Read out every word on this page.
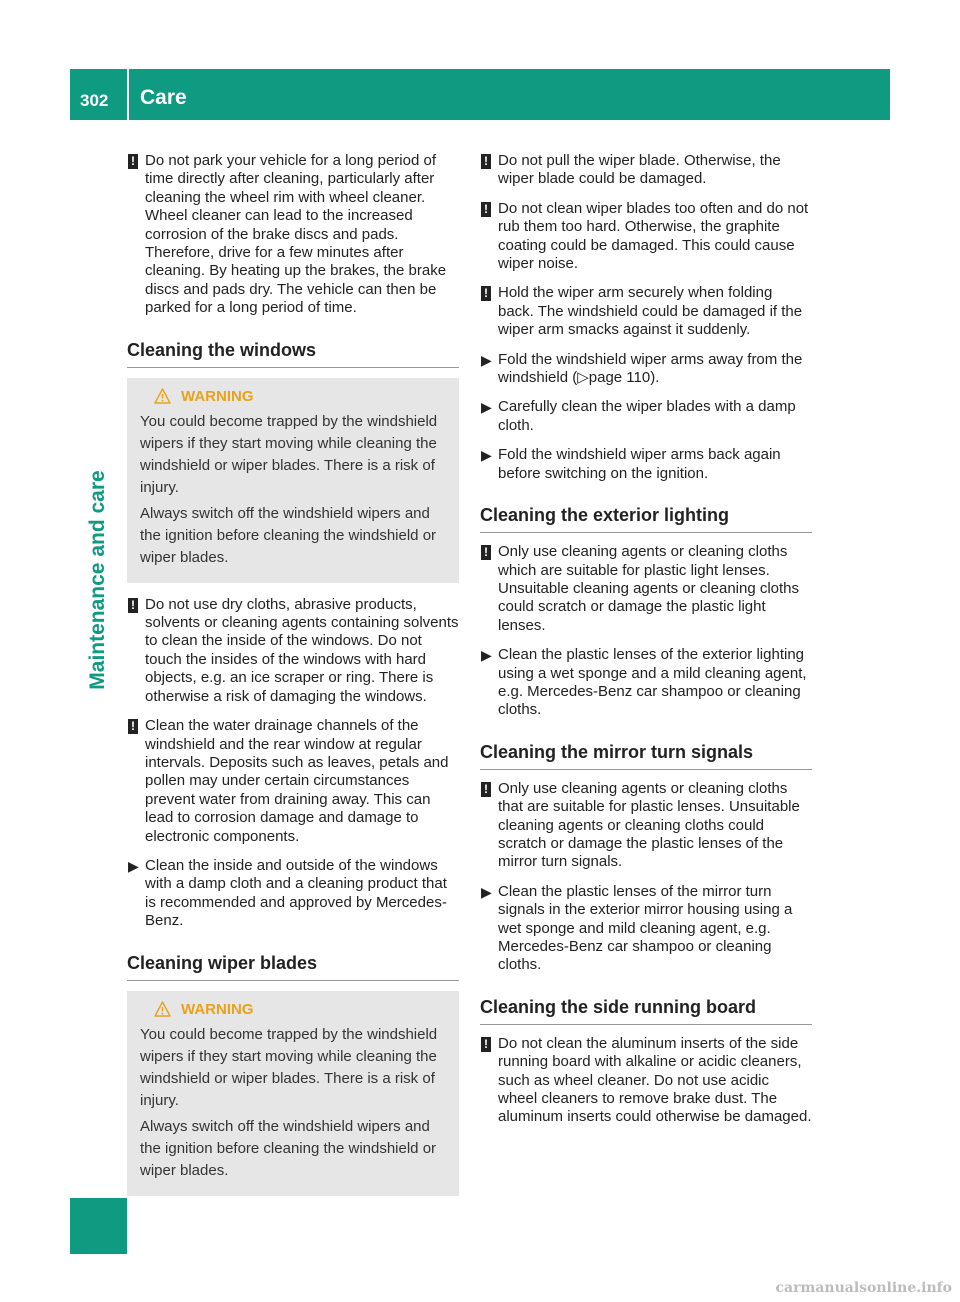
302	Care
Maintenance and care
! Do not park your vehicle for a long period of time directly after cleaning, particularly after cleaning the wheel rim with wheel cleaner. Wheel cleaner can lead to the increased corrosion of the brake discs and pads. Therefore, drive for a few minutes after cleaning. By heating up the brakes, the brake discs and pads dry. The vehicle can then be parked for a long period of time.
Cleaning the windows
WARNING
You could become trapped by the windshield wipers if they start moving while cleaning the windshield or wiper blades. There is a risk of injury.
Always switch off the windshield wipers and the ignition before cleaning the windshield or wiper blades.
! Do not use dry cloths, abrasive products, solvents or cleaning agents containing solvents to clean the inside of the windows. Do not touch the insides of the windows with hard objects, e.g. an ice scraper or ring. There is otherwise a risk of damaging the windows.
! Clean the water drainage channels of the windshield and the rear window at regular intervals. Deposits such as leaves, petals and pollen may under certain circumstances prevent water from draining away. This can lead to corrosion damage and damage to electronic components.
▶ Clean the inside and outside of the windows with a damp cloth and a cleaning product that is recommended and approved by Mercedes-Benz.
Cleaning wiper blades
WARNING
You could become trapped by the windshield wipers if they start moving while cleaning the windshield or wiper blades. There is a risk of injury.
Always switch off the windshield wipers and the ignition before cleaning the windshield or wiper blades.
! Do not pull the wiper blade. Otherwise, the wiper blade could be damaged.
! Do not clean wiper blades too often and do not rub them too hard. Otherwise, the graphite coating could be damaged. This could cause wiper noise.
! Hold the wiper arm securely when folding back. The windshield could be damaged if the wiper arm smacks against it suddenly.
▶ Fold the windshield wiper arms away from the windshield (▷page 110).
▶ Carefully clean the wiper blades with a damp cloth.
▶ Fold the windshield wiper arms back again before switching on the ignition.
Cleaning the exterior lighting
! Only use cleaning agents or cleaning cloths which are suitable for plastic light lenses. Unsuitable cleaning agents or cleaning cloths could scratch or damage the plastic light lenses.
▶ Clean the plastic lenses of the exterior lighting using a wet sponge and a mild cleaning agent, e.g. Mercedes-Benz car shampoo or cleaning cloths.
Cleaning the mirror turn signals
! Only use cleaning agents or cleaning cloths that are suitable for plastic lenses. Unsuitable cleaning agents or cleaning cloths could scratch or damage the plastic lenses of the mirror turn signals.
▶ Clean the plastic lenses of the mirror turn signals in the exterior mirror housing using a wet sponge and mild cleaning agent, e.g. Mercedes-Benz car shampoo or cleaning cloths.
Cleaning the side running board
! Do not clean the aluminum inserts of the side running board with alkaline or acidic cleaners, such as wheel cleaner. Do not use acidic wheel cleaners to remove brake dust. The aluminum inserts could otherwise be damaged.
carmanualsonline.info
